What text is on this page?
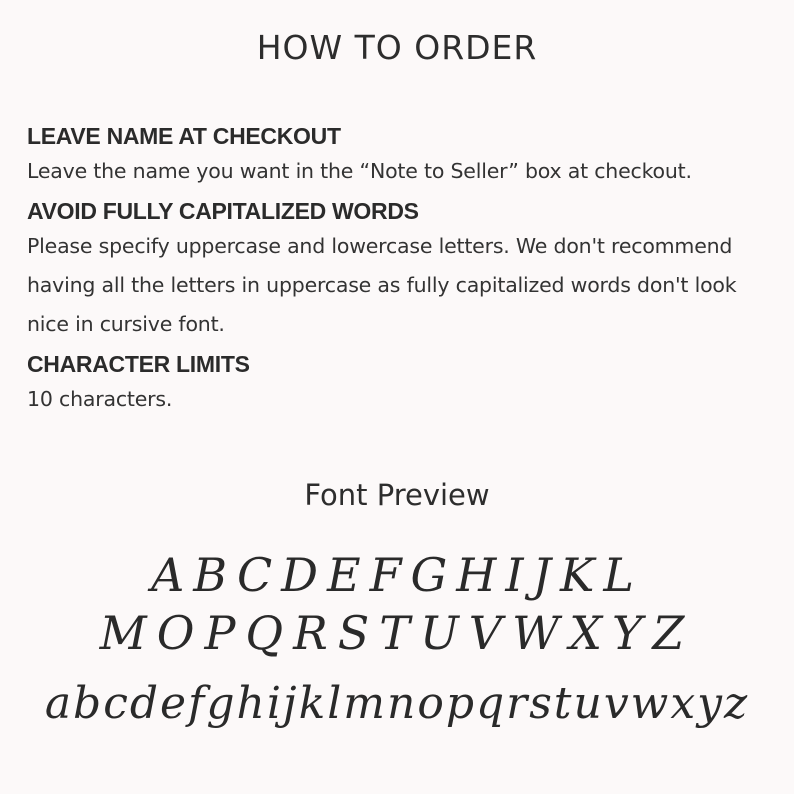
HOW TO ORDER
LEAVE NAME AT CHECKOUT
Leave the name you want in the “Note to Seller” box at checkout.
AVOID FULLY CAPITALIZED WORDS
Please specify uppercase and lowercase letters. We don't recommend having all the letters in uppercase as fully capitalized words don't look nice in cursive font.
CHARACTER LIMITS
10 characters.
Font Preview
ABCDEFGHIJKL
MOPQRSTUVWXYZ
abcdefghijklmnopqrstuvwxyz
